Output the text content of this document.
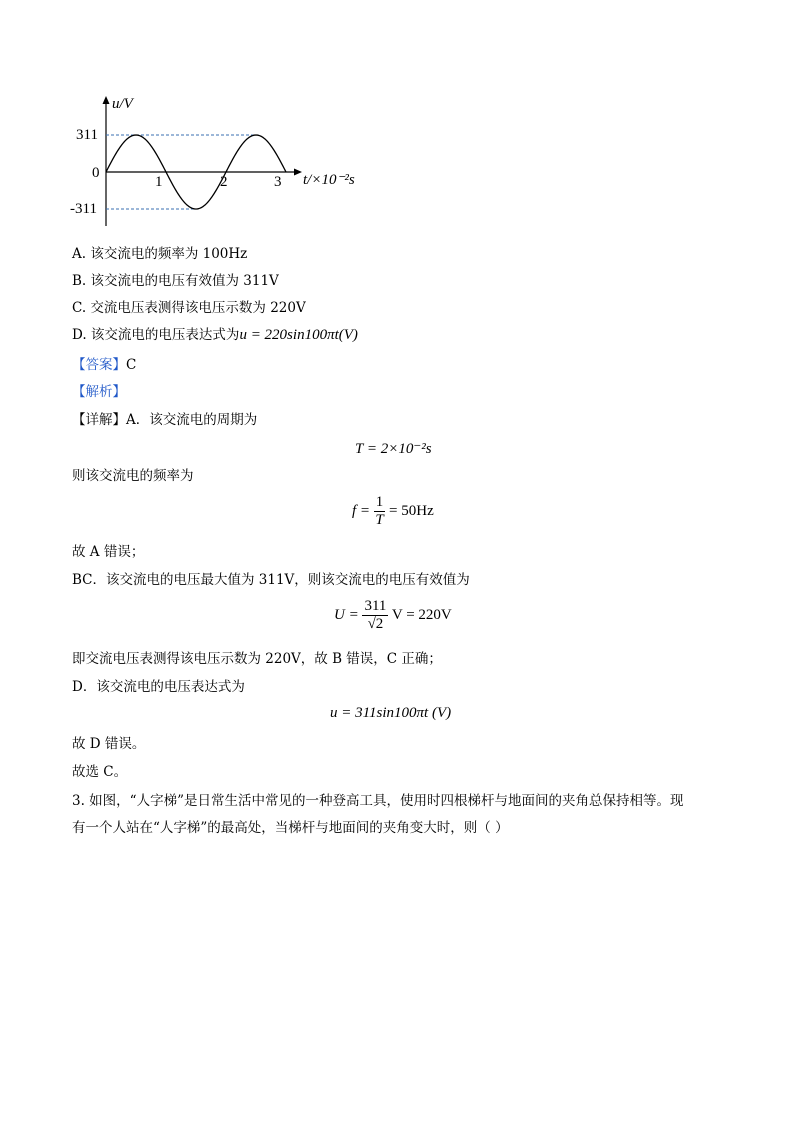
u/V
311
0
-311
1	2	3 t/×10⁻²s
A. 该交流电的频率为 100Hz
B. 该交流电的电压有效值为 311V
C. 交流电压表测得该电压示数为 220V
D. 该交流电的电压表达式为u = 220sin100πt(V)
【答案】C
【解析】
【详解】A．该交流电的周期为
T = 2×10⁻²s
则该交流电的频率为
$f = \frac{1}{T} = 50Hz$
故 A 错误；
BC．该交流电的电压最大值为 311V，则该交流电的电压有效值为
$U = \frac{311}{√2}$ V = 220V
即交流电压表测得该电压示数为 220V，故 B 错误，C 正确；
D．该交流电的电压表达式为
u = 311sin100πt (V)
故 D 错误。
故选 C。
3. 如图，“人字梯”是日常生活中常见的一种登高工具，使用时四根梯杆与地面间的夹角总保持相等。现
有一个人站在“人字梯”的最高处，当梯杆与地面间的夹角变大时，则（ ）
